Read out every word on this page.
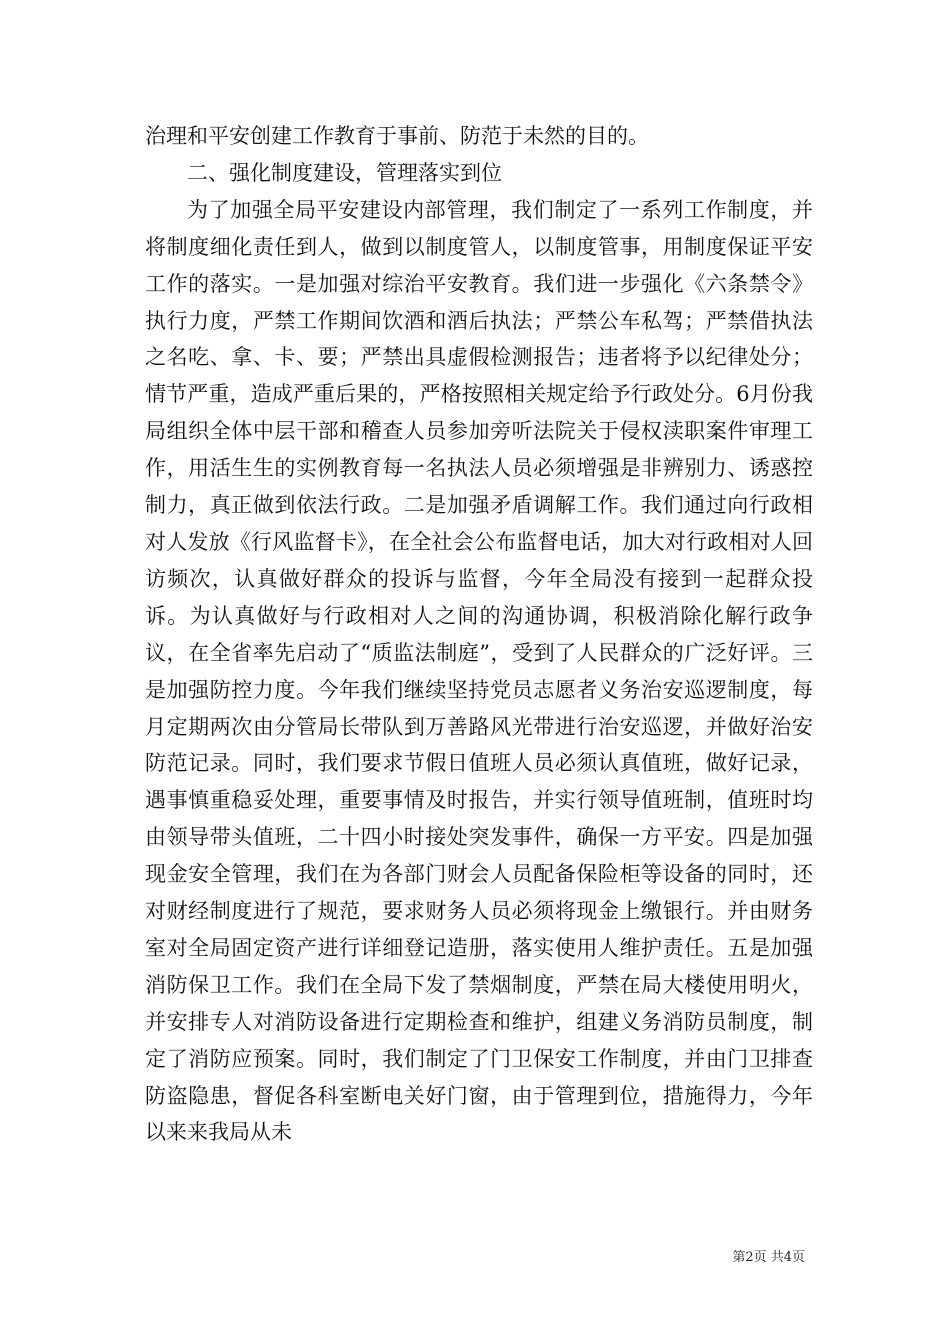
治理和平安创建工作教育于事前、防范于未然的目的。

二、强化制度建设，管理落实到位

为了加强全局平安建设内部管理，我们制定了一系列工作制度，并将制度细化责任到人，做到以制度管人，以制度管事，用制度保证平安工作的落实。一是加强对综治平安教育。我们进一步强化《六条禁令》执行力度，严禁工作期间饮酒和酒后执法；严禁公车私驾；严禁借执法之名吃、拿、卡、要；严禁出具虚假检测报告；违者将予以纪律处分；情节严重，造成严重后果的，严格按照相关规定给予行政处分。6月份我局组织全体中层干部和稽查人员参加旁听法院关于侵权渎职案件审理工作，用活生生的实例教育每一名执法人员必须增强是非辨别力、诱惑控制力，真正做到依法行政。二是加强矛盾调解工作。我们通过向行政相对人发放《行风监督卡》，在全社会公布监督电话，加大对行政相对人回访频次，认真做好群众的投诉与监督，今年全局没有接到一起群众投诉。为认真做好与行政相对人之间的沟通协调，积极消除化解行政争议，在全省率先启动了“质监法制庭”，受到了人民群众的广泛好评。三是加强防控力度。今年我们继续坚持党员志愿者义务治安巡逻制度，每月定期两次由分管局长带队到万善路风光带进行治安巡逻，并做好治安防范记录。同时，我们要求节假日值班人员必须认真值班，做好记录，遇事慎重稳妥处理，重要事情及时报告，并实行领导值班制，值班时均由领导带头值班，二十四小时接处突发事件，确保一方平安。四是加强现金安全管理，我们在为各部门财会人员配备保险柜等设备的同时，还对财经制度进行了规范，要求财务人员必须将现金上缴银行。并由财务室对全局固定资产进行详细登记造册，落实使用人维护责任。五是加强消防保卫工作。我们在全局下发了禁烟制度，严禁在局大楼使用明火，并安排专人对消防设备进行定期检查和维护，组建义务消防员制度，制定了消防应预案。同时，我们制定了门卫保安工作制度，并由门卫排查防盗隐患，督促各科室断电关好门窗，由于管理到位，措施得力，今年以来来我局从未

第2页 共4页
